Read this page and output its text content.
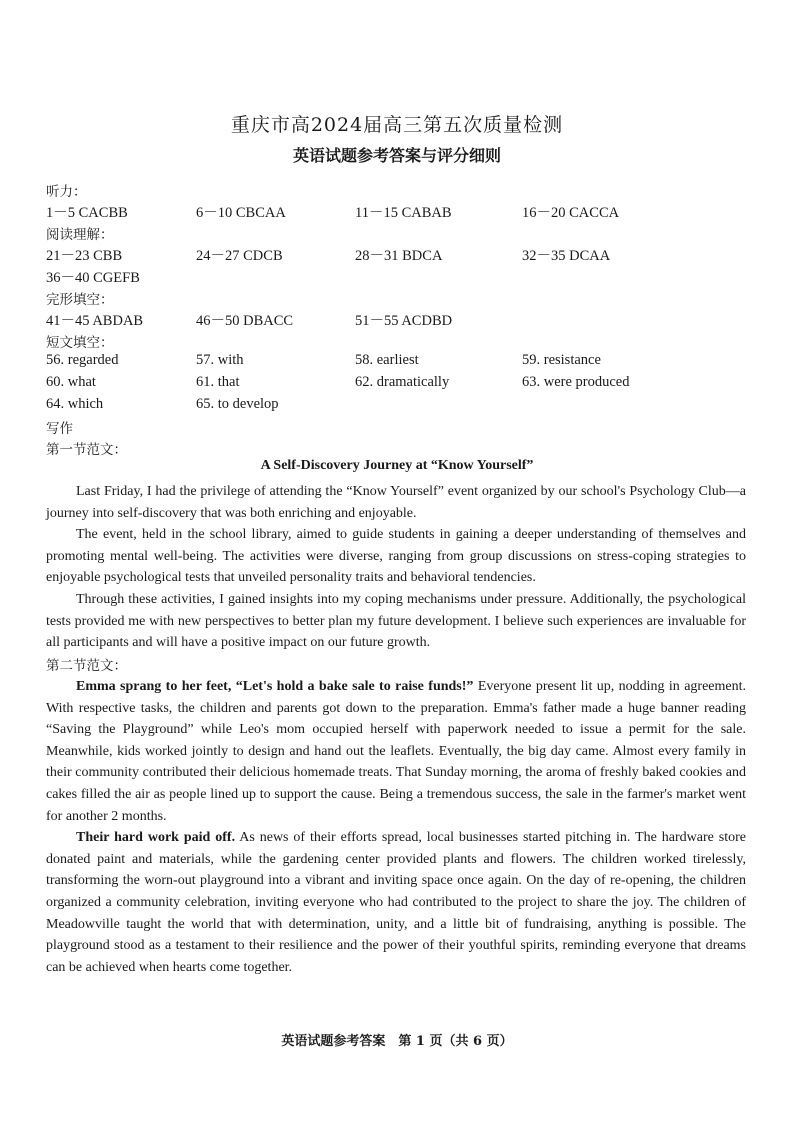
重庆市高2024届高三第五次质量检测
英语试题参考答案与评分细则
听力：
1－5 CACBB	6－10 CBCAA	11－15 CABAB	16－20 CACCA
阅读理解：
21－23 CBB	24－27 CDCB	28－31 BDCA	32－35 DCAA
36－40 CGEFB
完形填空：
41－45 ABDAB	46－50 DBACC	51－55 ACDBD
短文填空：
56. regarded	57. with	58. earliest	59. resistance
60. what	61. that	62. dramatically	63. were produced
64. which	65. to develop
写作
第一节范文：
A Self-Discovery Journey at “Know Yourself”

Last Friday, I had the privilege of attending the “Know Yourself” event organized by our school's Psychology Club—a journey into self-discovery that was both enriching and enjoyable.

The event, held in the school library, aimed to guide students in gaining a deeper understanding of themselves and promoting mental well-being. The activities were diverse, ranging from group discussions on stress-coping strategies to enjoyable psychological tests that unveiled personality traits and behavioral tendencies.

Through these activities, I gained insights into my coping mechanisms under pressure. Additionally, the psychological tests provided me with new perspectives to better plan my future development. I believe such experiences are invaluable for all participants and will have a positive impact on our future growth.

第二节范文：

Emma sprang to her feet, “Let's hold a bake sale to raise funds!” Everyone present lit up, nodding in agreement. With respective tasks, the children and parents got down to the preparation. Emma's father made a huge banner reading “Saving the Playground” while Leo's mom occupied herself with paperwork needed to issue a permit for the sale. Meanwhile, kids worked jointly to design and hand out the leaflets. Eventually, the big day came. Almost every family in their community contributed their delicious homemade treats. That Sunday morning, the aroma of freshly baked cookies and cakes filled the air as people lined up to support the cause. Being a tremendous success, the sale in the farmer's market went for another 2 months.

Their hard work paid off. As news of their efforts spread, local businesses started pitching in. The hardware store donated paint and materials, while the gardening center provided plants and flowers. The children worked tirelessly, transforming the worn-out playground into a vibrant and inviting space once again. On the day of re-opening, the children organized a community celebration, inviting everyone who had contributed to the project to share the joy. The children of Meadowville taught the world that with determination, unity, and a little bit of fundraising, anything is possible. The playground stood as a testament to their resilience and the power of their youthful spirits, reminding everyone that dreams can be achieved when hearts come together.

英语试题参考答案　第 1 页（共 6 页）
